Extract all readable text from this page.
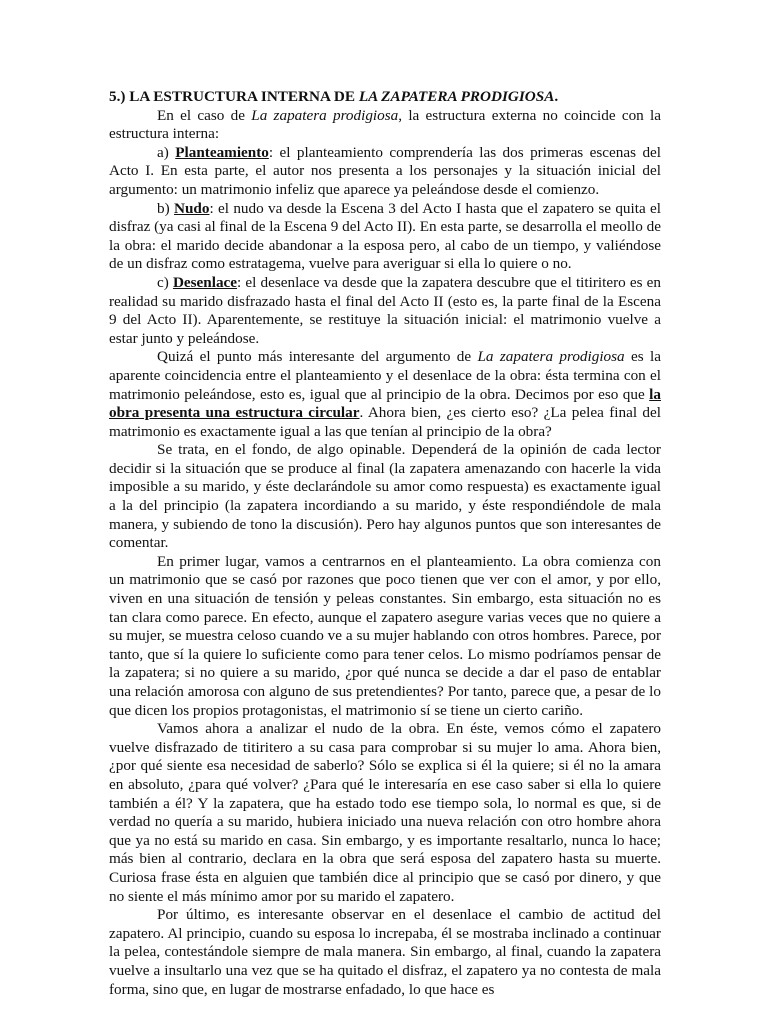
5.) LA ESTRUCTURA INTERNA DE LA ZAPATERA PRODIGIOSA.

En el caso de La zapatera prodigiosa, la estructura externa no coincide con la estructura interna:

a) Planteamiento: el planteamiento comprendería las dos primeras escenas del Acto I. En esta parte, el autor nos presenta a los personajes y la situación inicial del argumento: un matrimonio infeliz que aparece ya peleándose desde el comienzo.

b) Nudo: el nudo va desde la Escena 3 del Acto I hasta que el zapatero se quita el disfraz (ya casi al final de la Escena 9 del Acto II). En esta parte, se desarrolla el meollo de la obra: el marido decide abandonar a la esposa pero, al cabo de un tiempo, y valiéndose de un disfraz como estratagema, vuelve para averiguar si ella lo quiere o no.

c) Desenlace: el desenlace va desde que la zapatera descubre que el titiritero es en realidad su marido disfrazado hasta el final del Acto II (esto es, la parte final de la Escena 9 del Acto II). Aparentemente, se restituye la situación inicial: el matrimonio vuelve a estar junto y peleándose.

Quizá el punto más interesante del argumento de La zapatera prodigiosa es la aparente coincidencia entre el planteamiento y el desenlace de la obra: ésta termina con el matrimonio peleándose, esto es, igual que al principio de la obra. Decimos por eso que la obra presenta una estructura circular. Ahora bien, ¿es cierto eso? ¿La pelea final del matrimonio es exactamente igual a las que tenían al principio de la obra?

Se trata, en el fondo, de algo opinable. Dependerá de la opinión de cada lector decidir si la situación que se produce al final (la zapatera amenazando con hacerle la vida imposible a su marido, y éste declarándole su amor como respuesta) es exactamente igual a la del principio (la zapatera incordiando a su marido, y éste respondiéndole de mala manera, y subiendo de tono la discusión). Pero hay algunos puntos que son interesantes de comentar.

En primer lugar, vamos a centrarnos en el planteamiento. La obra comienza con un matrimonio que se casó por razones que poco tienen que ver con el amor, y por ello, viven en una situación de tensión y peleas constantes. Sin embargo, esta situación no es tan clara como parece. En efecto, aunque el zapatero asegure varias veces que no quiere a su mujer, se muestra celoso cuando ve a su mujer hablando con otros hombres. Parece, por tanto, que sí la quiere lo suficiente como para tener celos. Lo mismo podríamos pensar de la zapatera; si no quiere a su marido, ¿por qué nunca se decide a dar el paso de entablar una relación amorosa con alguno de sus pretendientes? Por tanto, parece que, a pesar de lo que dicen los propios protagonistas, el matrimonio sí se tiene un cierto cariño.

Vamos ahora a analizar el nudo de la obra. En éste, vemos cómo el zapatero vuelve disfrazado de titiritero a su casa para comprobar si su mujer lo ama. Ahora bien, ¿por qué siente esa necesidad de saberlo? Sólo se explica si él la quiere; si él no la amara en absoluto, ¿para qué volver? ¿Para qué le interesaría en ese caso saber si ella lo quiere también a él? Y la zapatera, que ha estado todo ese tiempo sola, lo normal es que, si de verdad no quería a su marido, hubiera iniciado una nueva relación con otro hombre ahora que ya no está su marido en casa. Sin embargo, y es importante resaltarlo, nunca lo hace; más bien al contrario, declara en la obra que será esposa del zapatero hasta su muerte. Curiosa frase ésta en alguien que también dice al principio que se casó por dinero, y que no siente el más mínimo amor por su marido el zapatero.

Por último, es interesante observar en el desenlace el cambio de actitud del zapatero. Al principio, cuando su esposa lo increpaba, él se mostraba inclinado a continuar la pelea, contestándole siempre de mala manera. Sin embargo, al final, cuando la zapatera vuelve a insultarlo una vez que se ha quitado el disfraz, el zapatero ya no contesta de mala forma, sino que, en lugar de mostrarse enfadado, lo que hace es
